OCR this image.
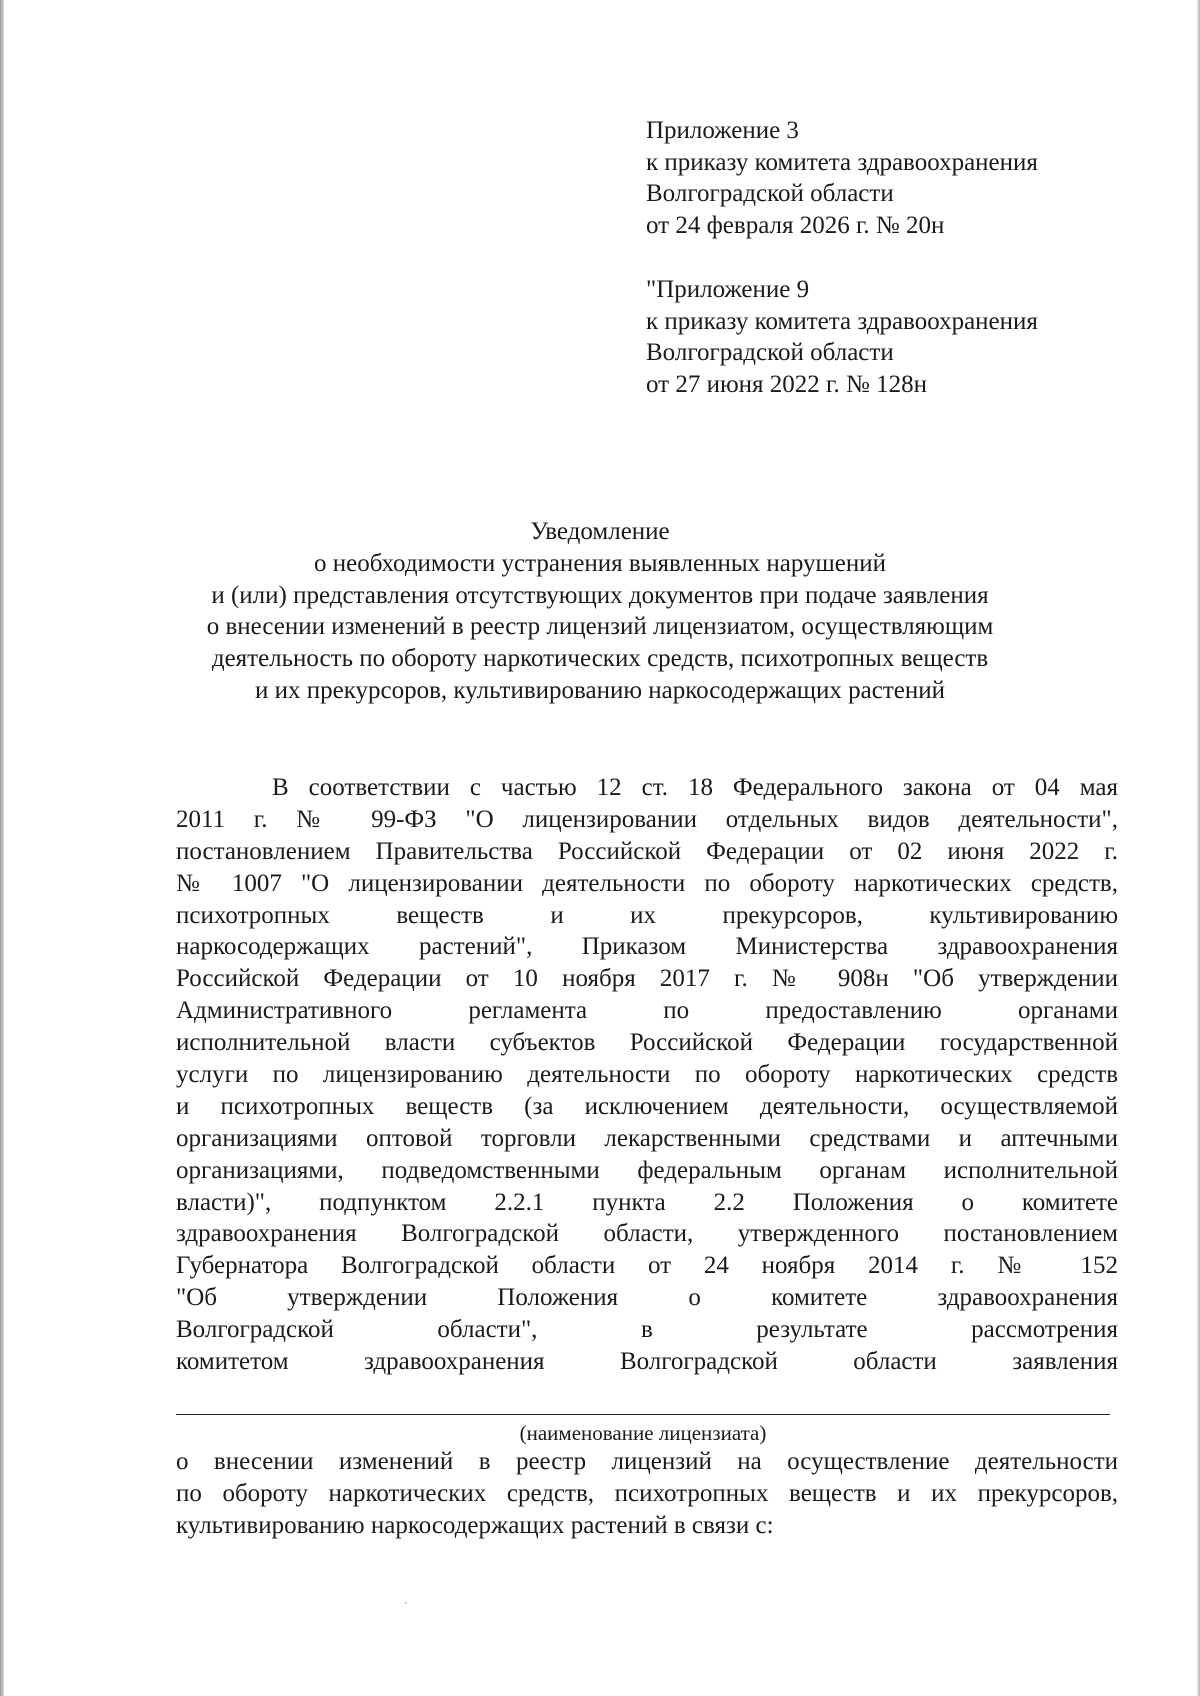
Приложение 3
к приказу комитета здравоохранения
Волгоградской области
от 24 февраля 2026 г. № 20н
"Приложение 9
к приказу комитета здравоохранения
Волгоградской области
от 27 июня 2022 г. № 128н
Уведомление
о необходимости устранения выявленных нарушений
и (или) представления отсутствующих документов при подаче заявления
о внесении изменений в реестр лицензий лицензиатом, осуществляющим
деятельность по обороту наркотических средств, психотропных веществ
и их прекурсоров, культивированию наркосодержащих растений
В соответствии с частью 12 ст. 18 Федерального закона от 04 мая
2011 г. № 99-ФЗ "О лицензировании отдельных видов деятельности",
постановлением Правительства Российской Федерации от 02 июня 2022 г.
№ 1007 "О лицензировании деятельности по обороту наркотических средств,
психотропных веществ и их прекурсоров, культивированию
наркосодержащих растений", Приказом Министерства здравоохранения
Российской Федерации от 10 ноября 2017 г. № 908н "Об утверждении
Административного регламента по предоставлению органами
исполнительной власти субъектов Российской Федерации государственной
услуги по лицензированию деятельности по обороту наркотических средств
и психотропных веществ (за исключением деятельности, осуществляемой
организациями оптовой торговли лекарственными средствами и аптечными
организациями, подведомственными федеральным органам исполнительной
власти)", подпунктом 2.2.1 пункта 2.2 Положения о комитете
здравоохранения Волгоградской области, утвержденного постановлением
Губернатора Волгоградской области от 24 ноября 2014 г. № 152
"Об утверждении Положения о комитете здравоохранения
Волгоградской области", в результате рассмотрения
комитетом здравоохранения Волгоградской области заявления
(наименование лицензиата)
о внесении изменений в реестр лицензий на осуществление деятельности
по обороту наркотических средств, психотропных веществ и их прекурсоров,
культивированию наркосодержащих растений в связи с:
